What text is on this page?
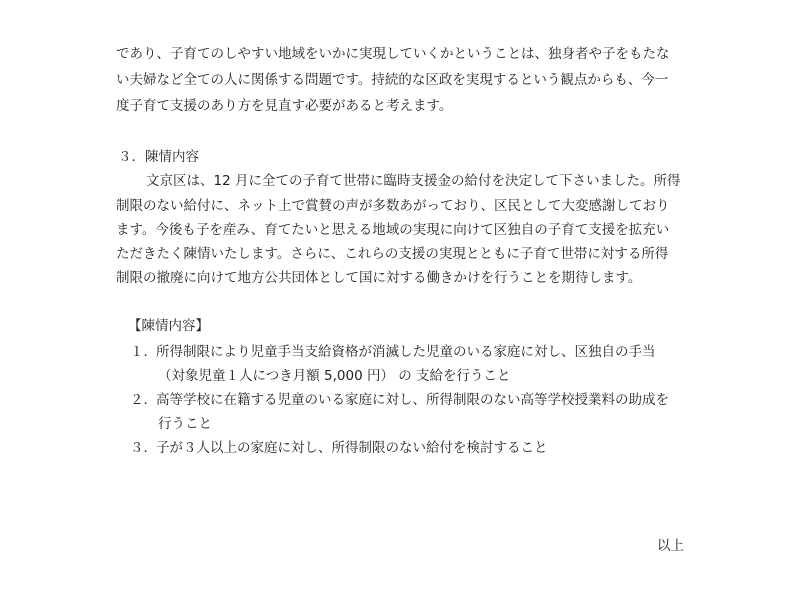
であり、子育てのしやすい地域をいかに実現していくかということは、独身者や子をもたな
い夫婦など全ての人に関係する問題です。持続的な区政を実現するという観点からも、今一
度子育て支援のあり方を見直す必要があると考えます。
３．陳情内容
文京区は、12 月に全ての子育て世帯に臨時支援金の給付を決定して下さいました。所得
制限のない給付に、ネット上で賞賛の声が多数あがっており、区民として大変感謝しており
ます。今後も子を産み、育てたいと思える地域の実現に向けて区独自の子育て支援を拡充い
ただきたく陳情いたします。さらに、これらの支援の実現とともに子育て世帯に対する所得
制限の撤廃に向けて地方公共団体として国に対する働きかけを行うことを期待します。
【陳情内容】
１． 所得制限により児童手当支給資格が消滅した児童のいる家庭に対し、区独自の手当
（対象児童１人につき月額 5,000 円） の 支給を行うこと
２． 高等学校に在籍する児童のいる家庭に対し、所得制限のない高等学校授業料の助成を
行うこと
３． 子が３人以上の家庭に対し、所得制限のない給付を検討すること
以上
